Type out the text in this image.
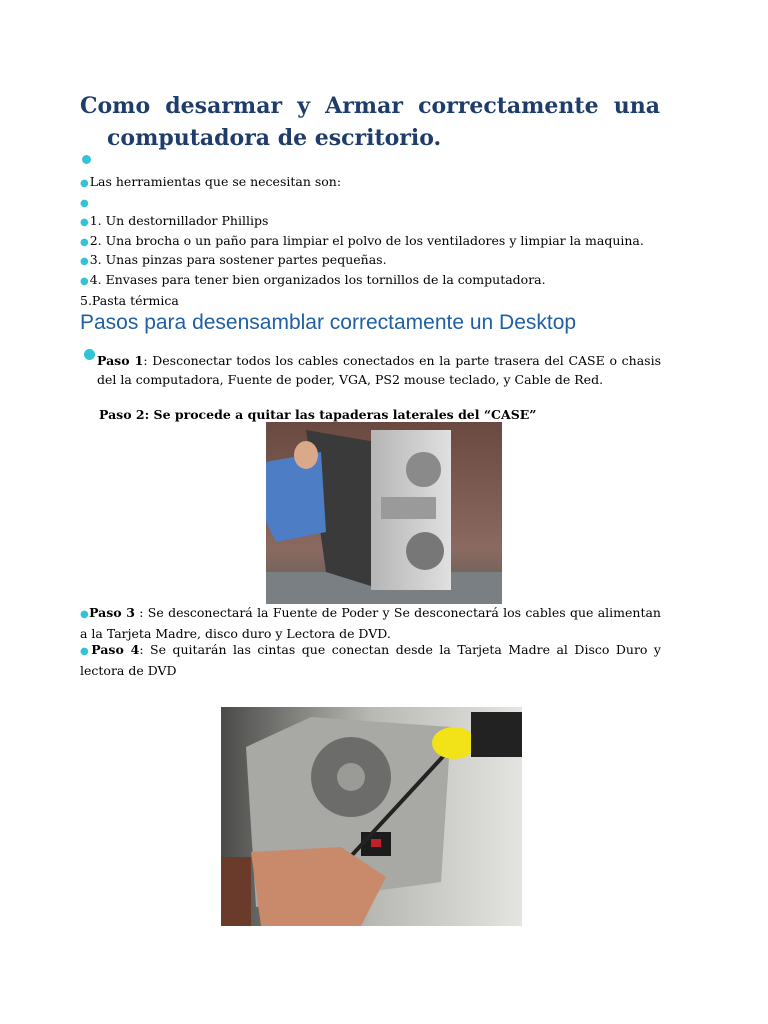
Como desarmar y Armar correctamente una
computadora de escritorio.
●Las herramientas que se necesitan son:
●
●1. Un destornillador Phillips
●2. Una brocha o un paño para limpiar el polvo de los ventiladores y limpiar la maquina.
●3. Unas pinzas para sostener partes pequeñas.
●4. Envases para tener bien organizados los tornillos de la computadora.
5.Pasta térmica
Pasos para desensamblar correctamente un Desktop
Paso 1: Desconectar todos los cables conectados en la parte trasera del CASE o chasis del la computadora, Fuente de poder, VGA, PS2 mouse teclado, y Cable de Red.
Paso 2: Se procede a quitar las tapaderas laterales del “CASE”
●Paso 3 : Se desconectará la Fuente de Poder y Se desconectará los cables que alimentan a la Tarjeta Madre, disco duro y Lectora de DVD.
●Paso 4: Se quitarán las cintas que conectan desde la Tarjeta Madre al Disco Duro y lectora de DVD
